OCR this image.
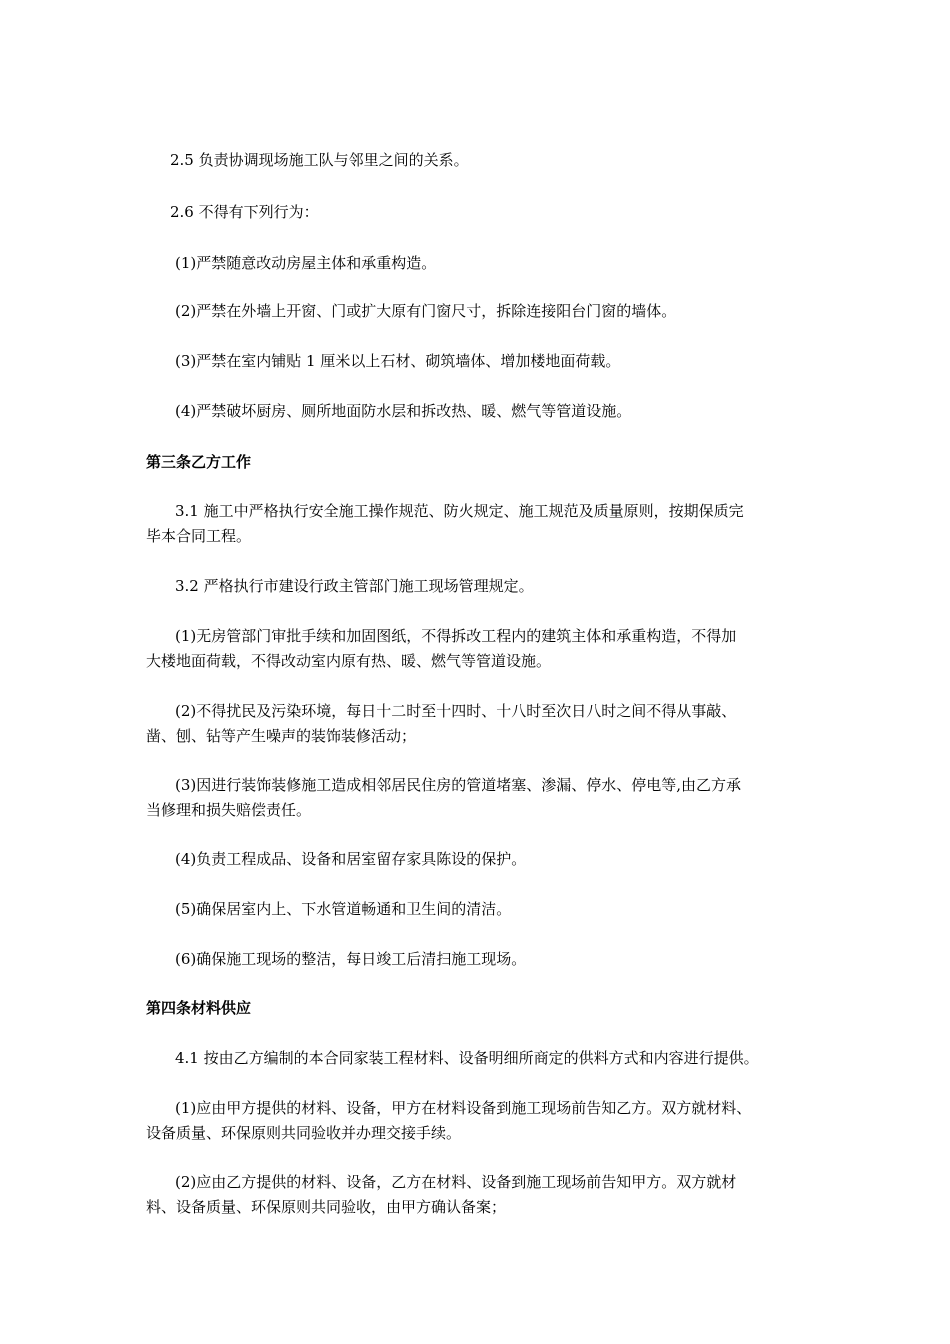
2.5 负责协调现场施工队与邻里之间的关系。
2.6 不得有下列行为：
(1)严禁随意改动房屋主体和承重构造。
(2)严禁在外墙上开窗、门或扩大原有门窗尺寸，拆除连接阳台门窗的墙体。
(3)严禁在室内铺贴 1 厘米以上石材、砌筑墙体、增加楼地面荷载。
(4)严禁破坏厨房、厕所地面防水层和拆改热、暖、燃气等管道设施。
第三条乙方工作
3.1 施工中严格执行安全施工操作规范、防火规定、施工规范及质量原则，按期保质完
毕本合同工程。
3.2 严格执行市建设行政主管部门施工现场管理规定。
(1)无房管部门审批手续和加固图纸，不得拆改工程内的建筑主体和承重构造，不得加
大楼地面荷载，不得改动室内原有热、暖、燃气等管道设施。
(2)不得扰民及污染环境，每日十二时至十四时、十八时至次日八时之间不得从事敲、
凿、刨、钻等产生噪声的装饰装修活动；
(3)因进行装饰装修施工造成相邻居民住房的管道堵塞、渗漏、停水、停电等,由乙方承
当修理和损失赔偿责任。
(4)负责工程成品、设备和居室留存家具陈设的保护。
(5)确保居室内上、下水管道畅通和卫生间的清洁。
(6)确保施工现场的整洁，每日竣工后清扫施工现场。
第四条材料供应
4.1 按由乙方编制的本合同家装工程材料、设备明细所商定的供料方式和内容进行提供。
(1)应由甲方提供的材料、设备，甲方在材料设备到施工现场前告知乙方。双方就材料、
设备质量、环保原则共同验收并办理交接手续。
(2)应由乙方提供的材料、设备，乙方在材料、设备到施工现场前告知甲方。双方就材
料、设备质量、环保原则共同验收，由甲方确认备案；
